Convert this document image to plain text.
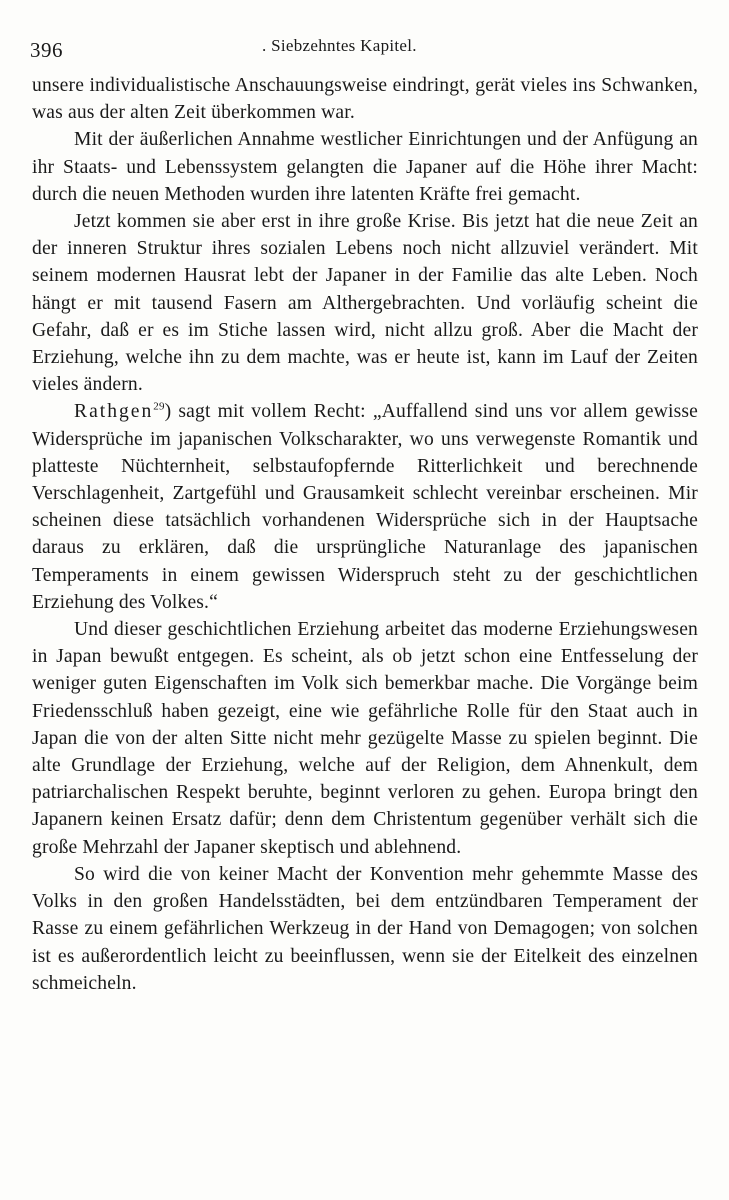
396	. Siebzehntes Kapitel.

unsere individualistische Anschauungsweise eindringt, gerät vieles ins Schwanken, was aus der alten Zeit überkommen war.

Mit der äußerlichen Annahme westlicher Einrichtungen und der Anfügung an ihr Staats- und Lebenssystem gelangten die Japaner auf die Höhe ihrer Macht: durch die neuen Methoden wurden ihre latenten Kräfte frei gemacht.

Jetzt kommen sie aber erst in ihre große Krise. Bis jetzt hat die neue Zeit an der inneren Struktur ihres sozialen Lebens noch nicht allzuviel verändert. Mit seinem modernen Hausrat lebt der Japaner in der Familie das alte Leben. Noch hängt er mit tausend Fasern am Althergebrachten. Und vorläufig scheint die Gefahr, daß er es im Stiche lassen wird, nicht allzu groß. Aber die Macht der Erziehung, welche ihn zu dem machte, was er heute ist, kann im Lauf der Zeiten vieles ändern.

Rathgen$^{29}$) sagt mit vollem Recht: „Auffallend sind uns vor allem gewisse Widersprüche im japanischen Volkscharakter, wo uns verwegenste Romantik und platteste Nüchternheit, selbstaufopfernde Ritterlichkeit und berechnende Verschlagenheit, Zartgefühl und Grausamkeit schlecht vereinbar erscheinen. Mir scheinen diese tatsächlich vorhandenen Widersprüche sich in der Hauptsache daraus zu erklären, daß die ursprüngliche Naturanlage des japanischen Temperaments in einem gewissen Widerspruch steht zu der geschichtlichen Erziehung des Volkes.“

Und dieser geschichtlichen Erziehung arbeitet das moderne Erziehungswesen in Japan bewußt entgegen. Es scheint, als ob jetzt schon eine Entfesselung der weniger guten Eigenschaften im Volk sich bemerkbar mache. Die Vorgänge beim Friedensschluß haben gezeigt, eine wie gefährliche Rolle für den Staat auch in Japan die von der alten Sitte nicht mehr gezügelte Masse zu spielen beginnt. Die alte Grundlage der Erziehung, welche auf der Religion, dem Ahnenkult, dem patriarchalischen Respekt beruhte, beginnt verloren zu gehen. Europa bringt den Japanern keinen Ersatz dafür; denn dem Christentum gegenüber verhält sich die große Mehrzahl der Japaner skeptisch und ablehnend.

So wird die von keiner Macht der Konvention mehr gehemmte Masse des Volks in den großen Handelsstädten, bei dem entzündbaren Temperament der Rasse zu einem gefährlichen Werkzeug in der Hand von Demagogen; von solchen ist es außerordentlich leicht zu beeinflussen, wenn sie der Eitelkeit des einzelnen schmeicheln.
